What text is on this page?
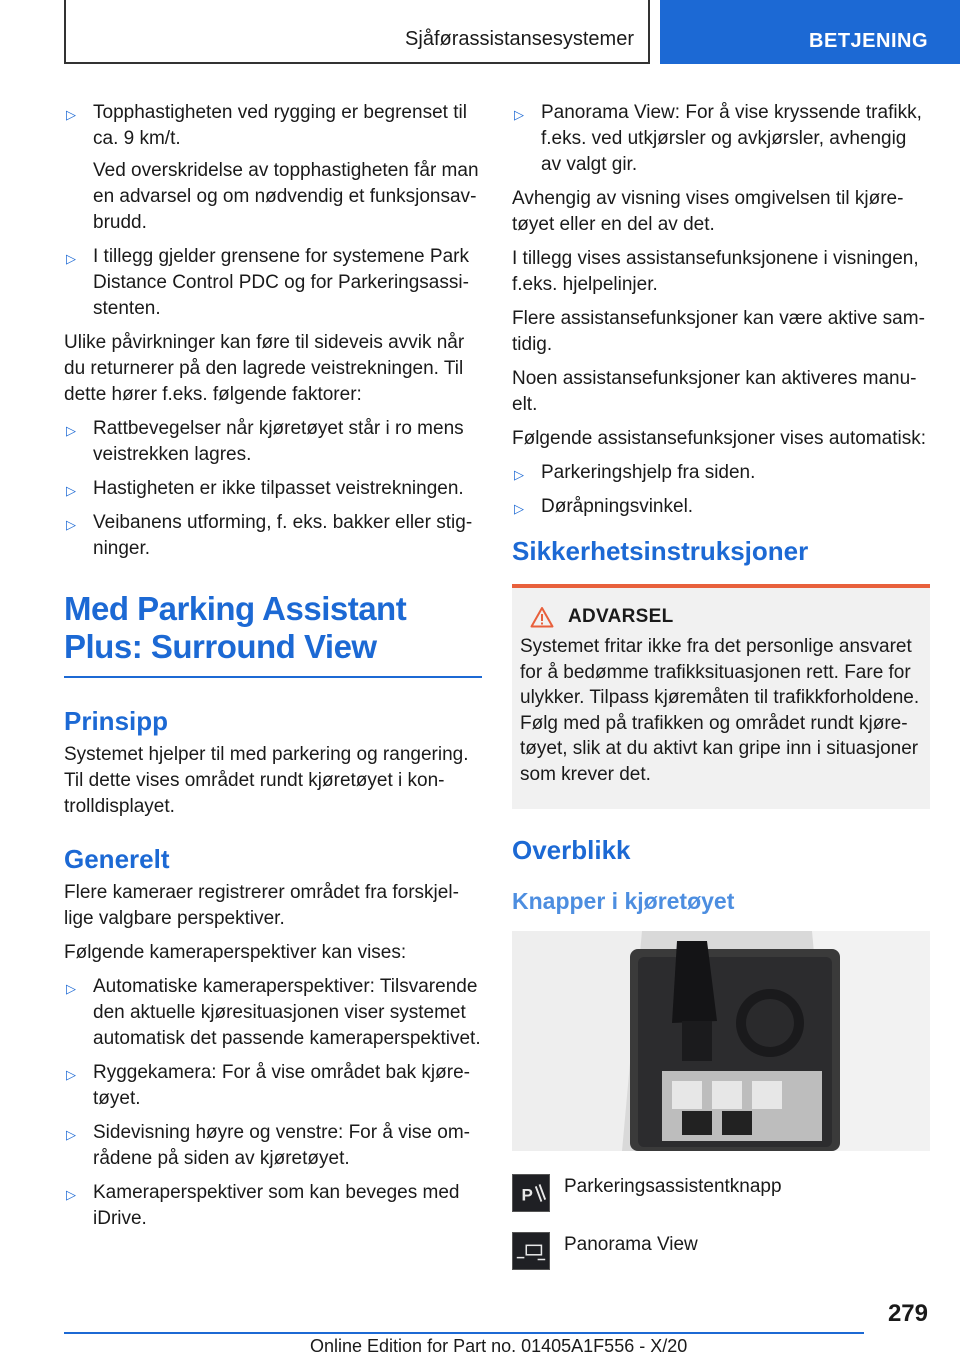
Sjåførassistansesystemer	BETJENING
▷ Topphastigheten ved rygging er begrenset til ca. 9 km/t.

Ved overskridelse av topphastigheten får man en advarsel og om nødvendig et funksjonsavbrudd.

▷ I tillegg gjelder grensene for systemene Park Distance Control PDC og for Parkeringsassistenten.

Ulike påvirkninger kan føre til sideveis avvik når du returnerer på den lagrede veistrekningen. Til dette hører f.eks. følgende faktorer:

▷ Rattbevegelser når kjøretøyet står i ro mens veistrekken lagres.
▷ Hastigheten er ikke tilpasset veistrekningen.
▷ Veibanens utforming, f. eks. bakker eller stigninger.
Med Parking Assistant Plus: Surround View
Prinsipp

Systemet hjelper til med parkering og rangering. Til dette vises området rundt kjøretøyet i kontrolldisplayet.

Generelt

Flere kameraer registrerer området fra forskjellige valgbare perspektiver.

Følgende kameraperspektiver kan vises:

▷ Automatiske kameraperspektiver: Tilsvarende den aktuelle kjøresituasjonen viser systemet automatisk det passende kameraperspektivet.
▷ Ryggekamera: For å vise området bak kjøretøyet.
▷ Sidevisning høyre og venstre: For å vise områdene på siden av kjøretøyet.
▷ Kameraperspektiver som kan beveges med iDrive.
▷ Panorama View: For å vise kryssende trafikk, f.eks. ved utkjørsler og avkjørsler, avhengig av valgt gir.

Avhengig av visning vises omgivelsen til kjøretøyet eller en del av det.

I tillegg vises assistansefunksjonene i visningen, f.eks. hjelpelinjer.

Flere assistansefunksjoner kan være aktive samtidig.

Noen assistansefunksjoner kan aktiveres manuelt.

Følgende assistansefunksjoner vises automatisk:

▷ Parkeringshjelp fra siden.
▷ Døråpningsvinkel.
Sikkerhetsinstruksjoner
ADVARSEL
Systemet fritar ikke fra det personlige ansvaret for å bedømme trafikksituasjonen rett. Fare for ulykker. Tilpass kjøremåten til trafikkforholdene. Følg med på trafikken og området rundt kjøretøyet, slik at du aktivt kan gripe inn i situasjoner som krever det.
Overblikk
Knapper i kjøretøyet
P Parkeringsassistentknapp
Panorama View
279
Online Edition for Part no. 01405A1F556 - X/20
